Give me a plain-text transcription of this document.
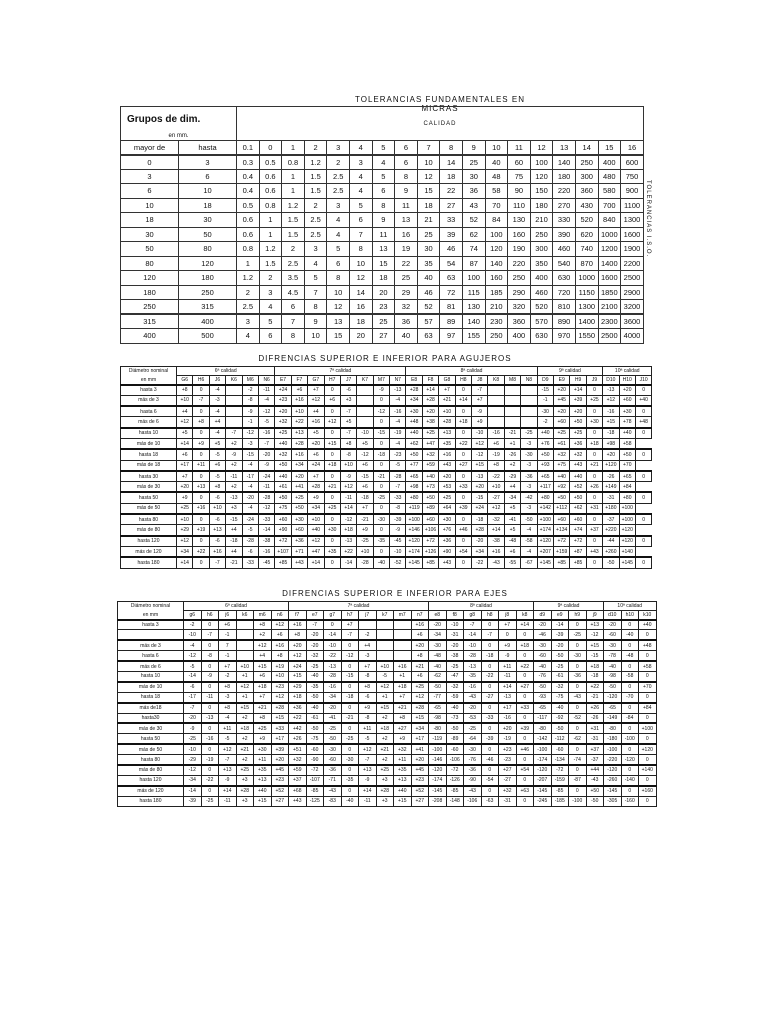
TOLERANCIAS FUNDAMENTALES EN MICRAS
Grupos de dim.		CALIDAD																	
en mm.																			
mayor de	hasta	0.1	0	1	2	3	4	5	6	7	8	9	10	11	12	13	14	15	16
0	3	0.3	0.5	0.8	1.2	2	3	4	6	10	14	25	40	60	100	140	250	400	600
3	6	0.4	0.6	1	1.5	2.5	4	5	8	12	18	30	48	75	120	180	300	480	750
6	10	0.4	0.6	1	1.5	2.5	4	6	9	15	22	36	58	90	150	220	360	580	900
10	18	0.5	0.8	1.2	2	3	5	8	11	18	27	43	70	110	180	270	430	700	1100
18	30	0.6	1	1.5	2.5	4	6	9	13	21	33	52	84	130	210	330	520	840	1300
30	50	0.6	1	1.5	2.5	4	7	11	16	25	39	62	100	160	250	390	620	1000	1600
50	80	0.8	1.2	2	3	5	8	13	19	30	46	74	120	190	300	460	740	1200	1900
80	120	1	1.5	2.5	4	6	10	15	22	35	54	87	140	220	350	540	870	1400	2200
120	180	1.2	2	3.5	5	8	12	18	25	40	63	100	160	250	400	630	1000	1600	2500
180	250	2	3	4.5	7	10	14	20	29	46	72	115	185	290	460	720	1150	1850	2900
250	315	2.5	4	6	8	12	16	23	32	52	81	130	210	320	520	810	1300	2100	3200
315	400	3	5	7	9	13	18	25	36	57	89	140	230	360	570	890	1400	2300	3600
400	500	4	6	8	10	15	20	27	40	63	97	155	250	400	630	970	1550	2500	4000
TOLERANCIAS I.S.O.
DIFRENCIAS SUPERIOR E INFERIOR PARA AGUJEROS
Diámetro nominal	6ª calidad						7ª calidad								8ª calidad								9ª calidad				10ª calidad		
en mm	G6	H6	J6	K6	M6	N6	E7	F7	G7	H7	J7	K7	M7	N7	E8	F8	G8	H8	J8	K8	M8	N8	D9	E9	H9	J9	D10	H10	J10
hasta 3	+8	0	-4		-2	-11	+24	+6	+7	0	-6		-9	-13	+28	+14	+7	0	-7				-15	+20	+14	0	-13	+20	0
más de 3	+10	-7	-3		-8	-4	+23	+16	+12	+6	+3		0	-4	+34	+28	+21	+14	+7				-1	+45	+39	+25	+12	+60	+40
hasta 6	+4	0	-4		-9	-12	+20	+10	+4	0	-7		-12	-16	+30	+20	+10	0	-9				-30	+20	+20	0	-16	+30	0
más de 6	+12	+8	+4		-1	-5	+32	+22	+16	+12	+5		0	-4	+48	+38	+28	+18	+9				-2	+60	+50	+30	+15	+78	+48
hasta 10	+5	0	-4	-7	-12	-16	+25	+13	+5	0	-7	-10	-15	-19	+40	+25	+13	0	-10	-16	-21	-25	+40	+25	+25	0	-18	+40	0
más de 10	+14	+9	+5	+2	-3	-7	+40	+28	+20	+15	+8	+5	0	-4	+62	+47	+35	+22	+12	+6	+1	-3	+76	+61	+36	+18	+98	+58	
hasta 18	+6	0	-5	-9	-15	-20	+32	+16	+6	0	-8	-12	-18	-23	+50	+32	+16	0	-12	-19	-26	-30	+50	+32	+32	0	+20	+50	0
más de 18	+17	+11	+6	+2	-4	-9	+50	+34	+24	+18	+10	+6	0	-5	+77	+59	+43	+27	+15	+8	+2	-3	+93	+75	+43	+21	+120	+70	
hasta 30	+7	0	-5	-11	-17	-24	+40	+20	+7	0	-9	-15	-21	-28	+65	+40	+20	0	-13	-22	-29	-36	+65	+40	+40	0	-26	+65	0
más de 30	+20	+13	+8	+2	-4	-11	+61	+41	+28	+21	+12	+6	0	-7	+98	+73	+53	+33	+20	+10	+4	-3	+117	+92	+52	+26	+149	+84	
hasta 50	+9	0	-6	-13	-20	-28	+50	+25	+9	0	-11	-18	-25	-33	+80	+50	+25	0	-15	-27	-34	-42	+80	+50	+50	0	-31	+80	0
más de 50	+25	+16	+10	+3	-4	-12	+75	+50	+34	+25	+14	+7	0	-8	+119	+89	+64	+39	+24	+12	+5	-3	+142	+112	+62	+31	+180	+100	
hasta 80	+10	0	-6	-15	-24	-33	+60	+30	+10	0	-12	-21	-30	-39	+100	+60	+30	0	-18	-32	-41	-50	+100	+60	+60	0	-37	+100	0
más de 80	+29	+19	+13	+4	-5	-14	+90	+60	+40	+30	+18	+9	0	-9	+146	+106	+76	+46	+28	+14	+5	-4	+174	+134	+74	+37	+220	+120	
hasta 120	+12	0	-6	-18	-28	-38	+72	+36	+12	0	-13	-25	-35	-45	+120	+72	+36	0	-20	-38	-48	-58	+120	+72	+72	0	-44	+120	0
más de 120	+34	+22	+16	+4	-6	-16	+107	+71	+47	+35	+22	+10	0	-10	+174	+126	+90	+54	+34	+16	+6	-4	+207	+159	+87	+43	+260	+140	
hasta 180	+14	0	-7	-21	-33	-45	+85	+43	+14	0	-14	-28	-40	-52	+145	+85	+43	0	-22	-43	-55	-67	+145	+85	+85	0	-50	+145	0
DIFRENCIAS SUPERIOR E INFERIOR PARA EJES
Diámetro nominal	6ª calidad						7ª calidad								8ª calidad						9ª calidad				10ª calidad		
en mm	g6	h6	j6	k6	m6	n6	f7	e7	g7	h7	j7	k7	m7	n7	e8	f8	g8	h8	j8	k8	d9	e9	h9	j9	d10	h10	k10
hasta 3	-2	0	+6		+8	+12	+16	-7	0	+7				+16	-20	-10	-7	0	+7	+14	-20	-14	0	+13	-20	0	+40
	-10	-7	-1		+2	+6	+8	-20	-14	-7	-2			+6	-34	-31	-14	-7	0	0	-46	-39	-25	-12	-60	-40	0
más de 3	-4	0	7		+12	+16	+20	-20	-10	0	+4			+20	-30	-20	-10	0	+9	+18	-30	-20	0	+15	-30	0	+48
hasta 6	-12	-8	-1		+4	+8	+12	-32	-22	-12	-3			+8	-48	-38	-28	-18	-9	0	-60	-50	-30	-15	-78	-48	0
más de 6	-5	0	+7	+10	+15	+19	+24	-25	-13	0	+7	+10	+16	+21	-40	-25	-13	0	+11	+22	-40	-25	0	+18	-40	0	+58
hasta 10	-14	-9	-2	+1	+6	+10	+15	-40	-28	-15	-8	-5	+1	+6	-62	-47	-35	-22	-11	0	-76	-61	-36	-18	-98	-58	0
más de 10	-6	0	+8	+12	+18	+23	+29	-35	-16	0	+8	+12	+18	+25	-50	-32	-16	0	+14	+27	-50	-32	0	+22	-50	0	+70
hasta 18	-17	-11	-3	+1	+7	+12	+18	-50	-34	-18	-6	+1	+7	+12	-77	-59	-43	-27	-13	0	-93	-75	-43	-21	-120	-70	0
más de18	-7	0	+8	+15	+21	+28	+36	-40	-20	0	+9	+15	+21	+28	-65	-40	-20	0	+17	+33	-65	-40	0	+26	-65	0	+84
hasta30	-20	-13	-4	+2	+8	+15	+22	-61	-41	-21	-8	+2	+8	+15	-98	-73	-53	-33	-16	0	-117	-92	-52	-26	-149	-84	0
más de 30	-9	0	+11	+18	+25	+33	+42	-50	-25	0	+11	+18	+27	+34	-80	-50	-25	0	+20	+39	-80	-50	0	+31	-80	0	+100
hasta 50	-25	-16	-5	+2	+9	+17	+26	-75	-50	-25	-5	+2	+9	+17	-119	-89	-64	-39	-19	0	-142	-112	-62	-31	-180	-100	0
más de 50	-10	0	+12	+21	+30	+39	+51	-60	-30	0	+12	+21	+32	+41	-100	-60	-30	0	+23	+46	-100	-60	0	+37	-100	0	+120
hasta 80	-29	-19	-7	+2	+11	+20	+32	-90	-60	-30	-7	+2	+11	+20	-146	-106	-76	-46	-23	0	-174	-134	-74	-37	-220	-120	0
más de 80	-12	0	+13	+25	+35	+45	+59	-72	-36	0	+13	+25	+35	+45	-120	-72	-36	0	+27	+54	-120	-72	0	+44	-120	0	+140
hasta 120	-34	-22	-9	+3	+13	+23	+37	-107	-71	-35	-9	+3	+13	+23	-174	-126	-90	-54	-27	0	-207	-159	-87	-43	-260	-140	0
más de 120	-14	0	+14	+28	+40	+52	+68	-85	-43	0	+14	+28	+40	+52	-145	-85	-43	0	+32	+63	-145	-85	0	+50	-145	0	+160
hasta 180	-39	-25	-11	+3	+15	+27	+43	-125	-83	-40	-11	+3	+15	+27	-208	-148	-106	-63	-31	0	-245	-185	-100	-50	-305	-160	0
